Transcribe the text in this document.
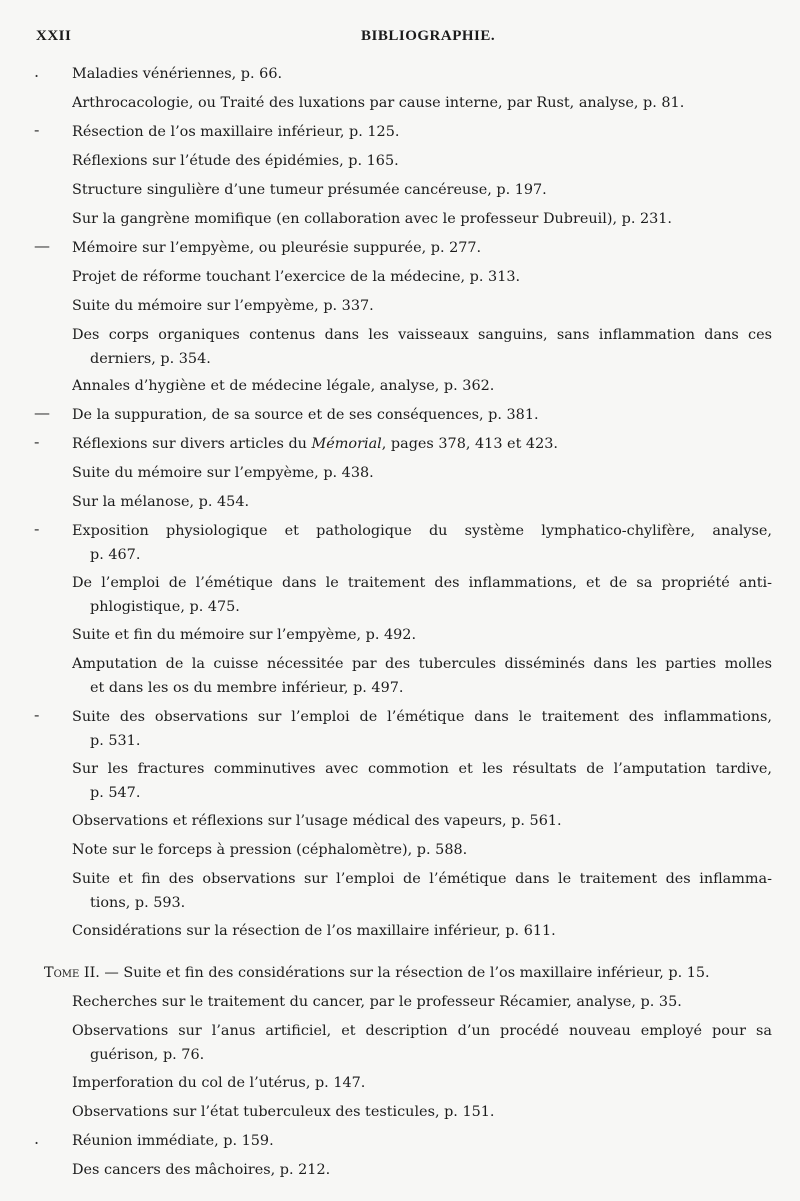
.
-
—
—
-
-
-
.
XXII	BIBLIOGRAPHIE.
Maladies vénériennes, p. 66.
Arthrocacologie, ou Traité des luxations par cause interne, par Rust, analyse, p. 81.
Résection de l’os maxillaire inférieur, p. 125.
Réflexions sur l’étude des épidémies, p. 165.
Structure singulière d’une tumeur présumée cancéreuse, p. 197.
Sur la gangrène momifique (en collaboration avec le professeur Dubreuil), p. 231.
Mémoire sur l’empyème, ou pleurésie suppurée, p. 277.
Projet de réforme touchant l’exercice de la médecine, p. 313.
Suite du mémoire sur l’empyème, p. 337.
Des corps organiques contenus dans les vaisseaux sanguins, sans inflammation dans ces
derniers, p. 354.
Annales d’hygiène et de médecine légale, analyse, p. 362.
De la suppuration, de sa source et de ses conséquences, p. 381.
Réflexions sur divers articles du Mémorial, pages 378, 413 et 423.
Suite du mémoire sur l’empyème, p. 438.
Sur la mélanose, p. 454.
Exposition physiologique et pathologique du système lymphatico-chylifère, analyse,
p. 467.
De l’emploi de l’émétique dans le traitement des inflammations, et de sa propriété anti-
phlogistique, p. 475.
Suite et fin du mémoire sur l’empyème, p. 492.
Amputation de la cuisse nécessitée par des tubercules disséminés dans les parties molles
et dans les os du membre inférieur, p. 497.
Suite des observations sur l’emploi de l’émétique dans le traitement des inflammations,
p. 531.
Sur les fractures comminutives avec commotion et les résultats de l’amputation tardive,
p. 547.
Observations et réflexions sur l’usage médical des vapeurs, p. 561.
Note sur le forceps à pression (céphalomètre), p. 588.
Suite et fin des observations sur l’emploi de l’émétique dans le traitement des inflamma-
tions, p. 593.
Considérations sur la résection de l’os maxillaire inférieur, p. 611.
Tome II. — Suite et fin des considérations sur la résection de l’os maxillaire inférieur, p. 15.
Recherches sur le traitement du cancer, par le professeur Récamier, analyse, p. 35.
Observations sur l’anus artificiel, et description d’un procédé nouveau employé pour sa
guérison, p. 76.
Imperforation du col de l’utérus, p. 147.
Observations sur l’état tuberculeux des testicules, p. 151.
Réunion immédiate, p. 159.
Des cancers des mâchoires, p. 212.
